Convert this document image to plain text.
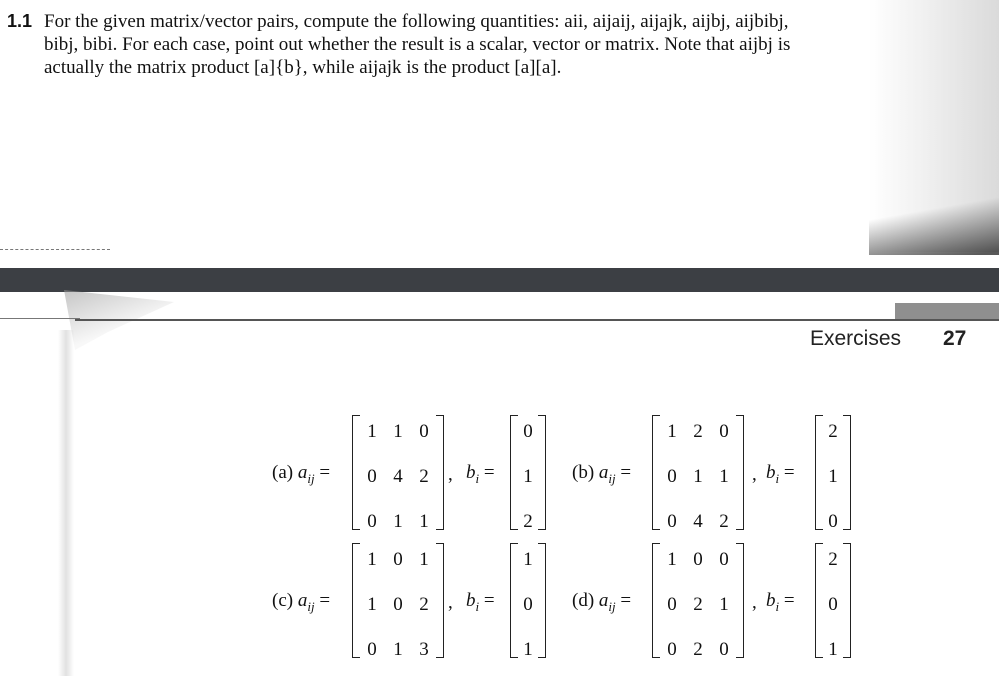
1.1 For the given matrix/vector pairs, compute the following quantities: aii, aijaij, aijajk, aijbj, aijbibj,
bibj, bibi. For each case, point out whether the result is a scalar, vector or matrix. Note that aijbj is
actually the matrix product [a]{b}, while aijajk is the product [a][a].
Exercises 27
(a) $a_{ij}$ =
1 1 0
0 4 2
0 1 1
, $b_i$ =
0
1
2
(b) $a_{ij}$ =
1 2 0
0 1 1
0 4 2
, $b_i$ =
2
1
0
(c) $a_{ij}$ =
1 0 1
1 0 2
0 1 3
, $b_i$ =
1
0
1
(d) $a_{ij}$ =
1 0 0
0 2 1
0 2 0
, $b_i$ =
2
0
1
